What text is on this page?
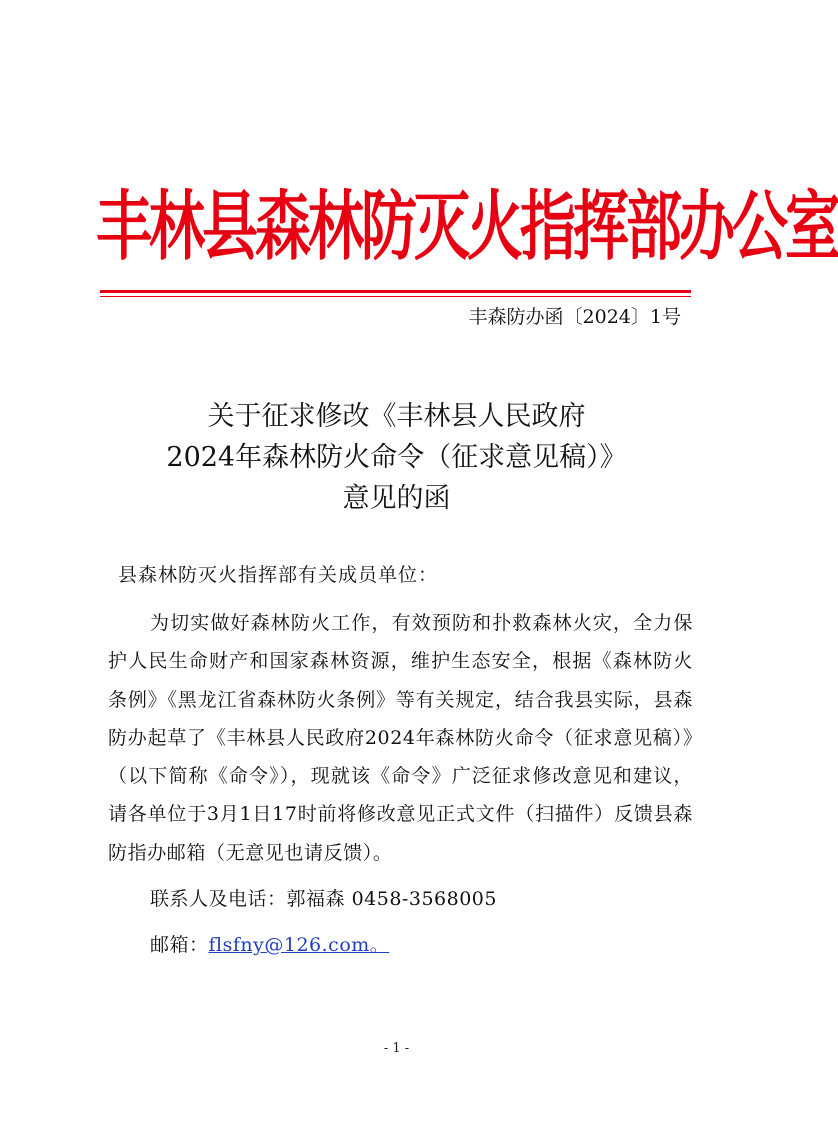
丰林县森林防灭火指挥部办公室
丰森防办函〔2024〕1号
关于征求修改《丰林县人民政府
2024年森林防火命令（征求意见稿）》
意见的函
县森林防灭火指挥部有关成员单位：
为切实做好森林防火工作，有效预防和扑救森林火灾，全力保护人民生命财产和国家森林资源，维护生态安全，根据《森林防火条例》《黑龙江省森林防火条例》等有关规定，结合我县实际，县森防办起草了《丰林县人民政府2024年森林防火命令（征求意见稿）》（以下简称《命令》），现就该《命令》广泛征求修改意见和建议，请各单位于3月1日17时前将修改意见正式文件（扫描件）反馈县森防指办邮箱（无意见也请反馈）。
联系人及电话：郭福森 0458-3568005
邮箱：flsfny@126.com。
- 1 -
